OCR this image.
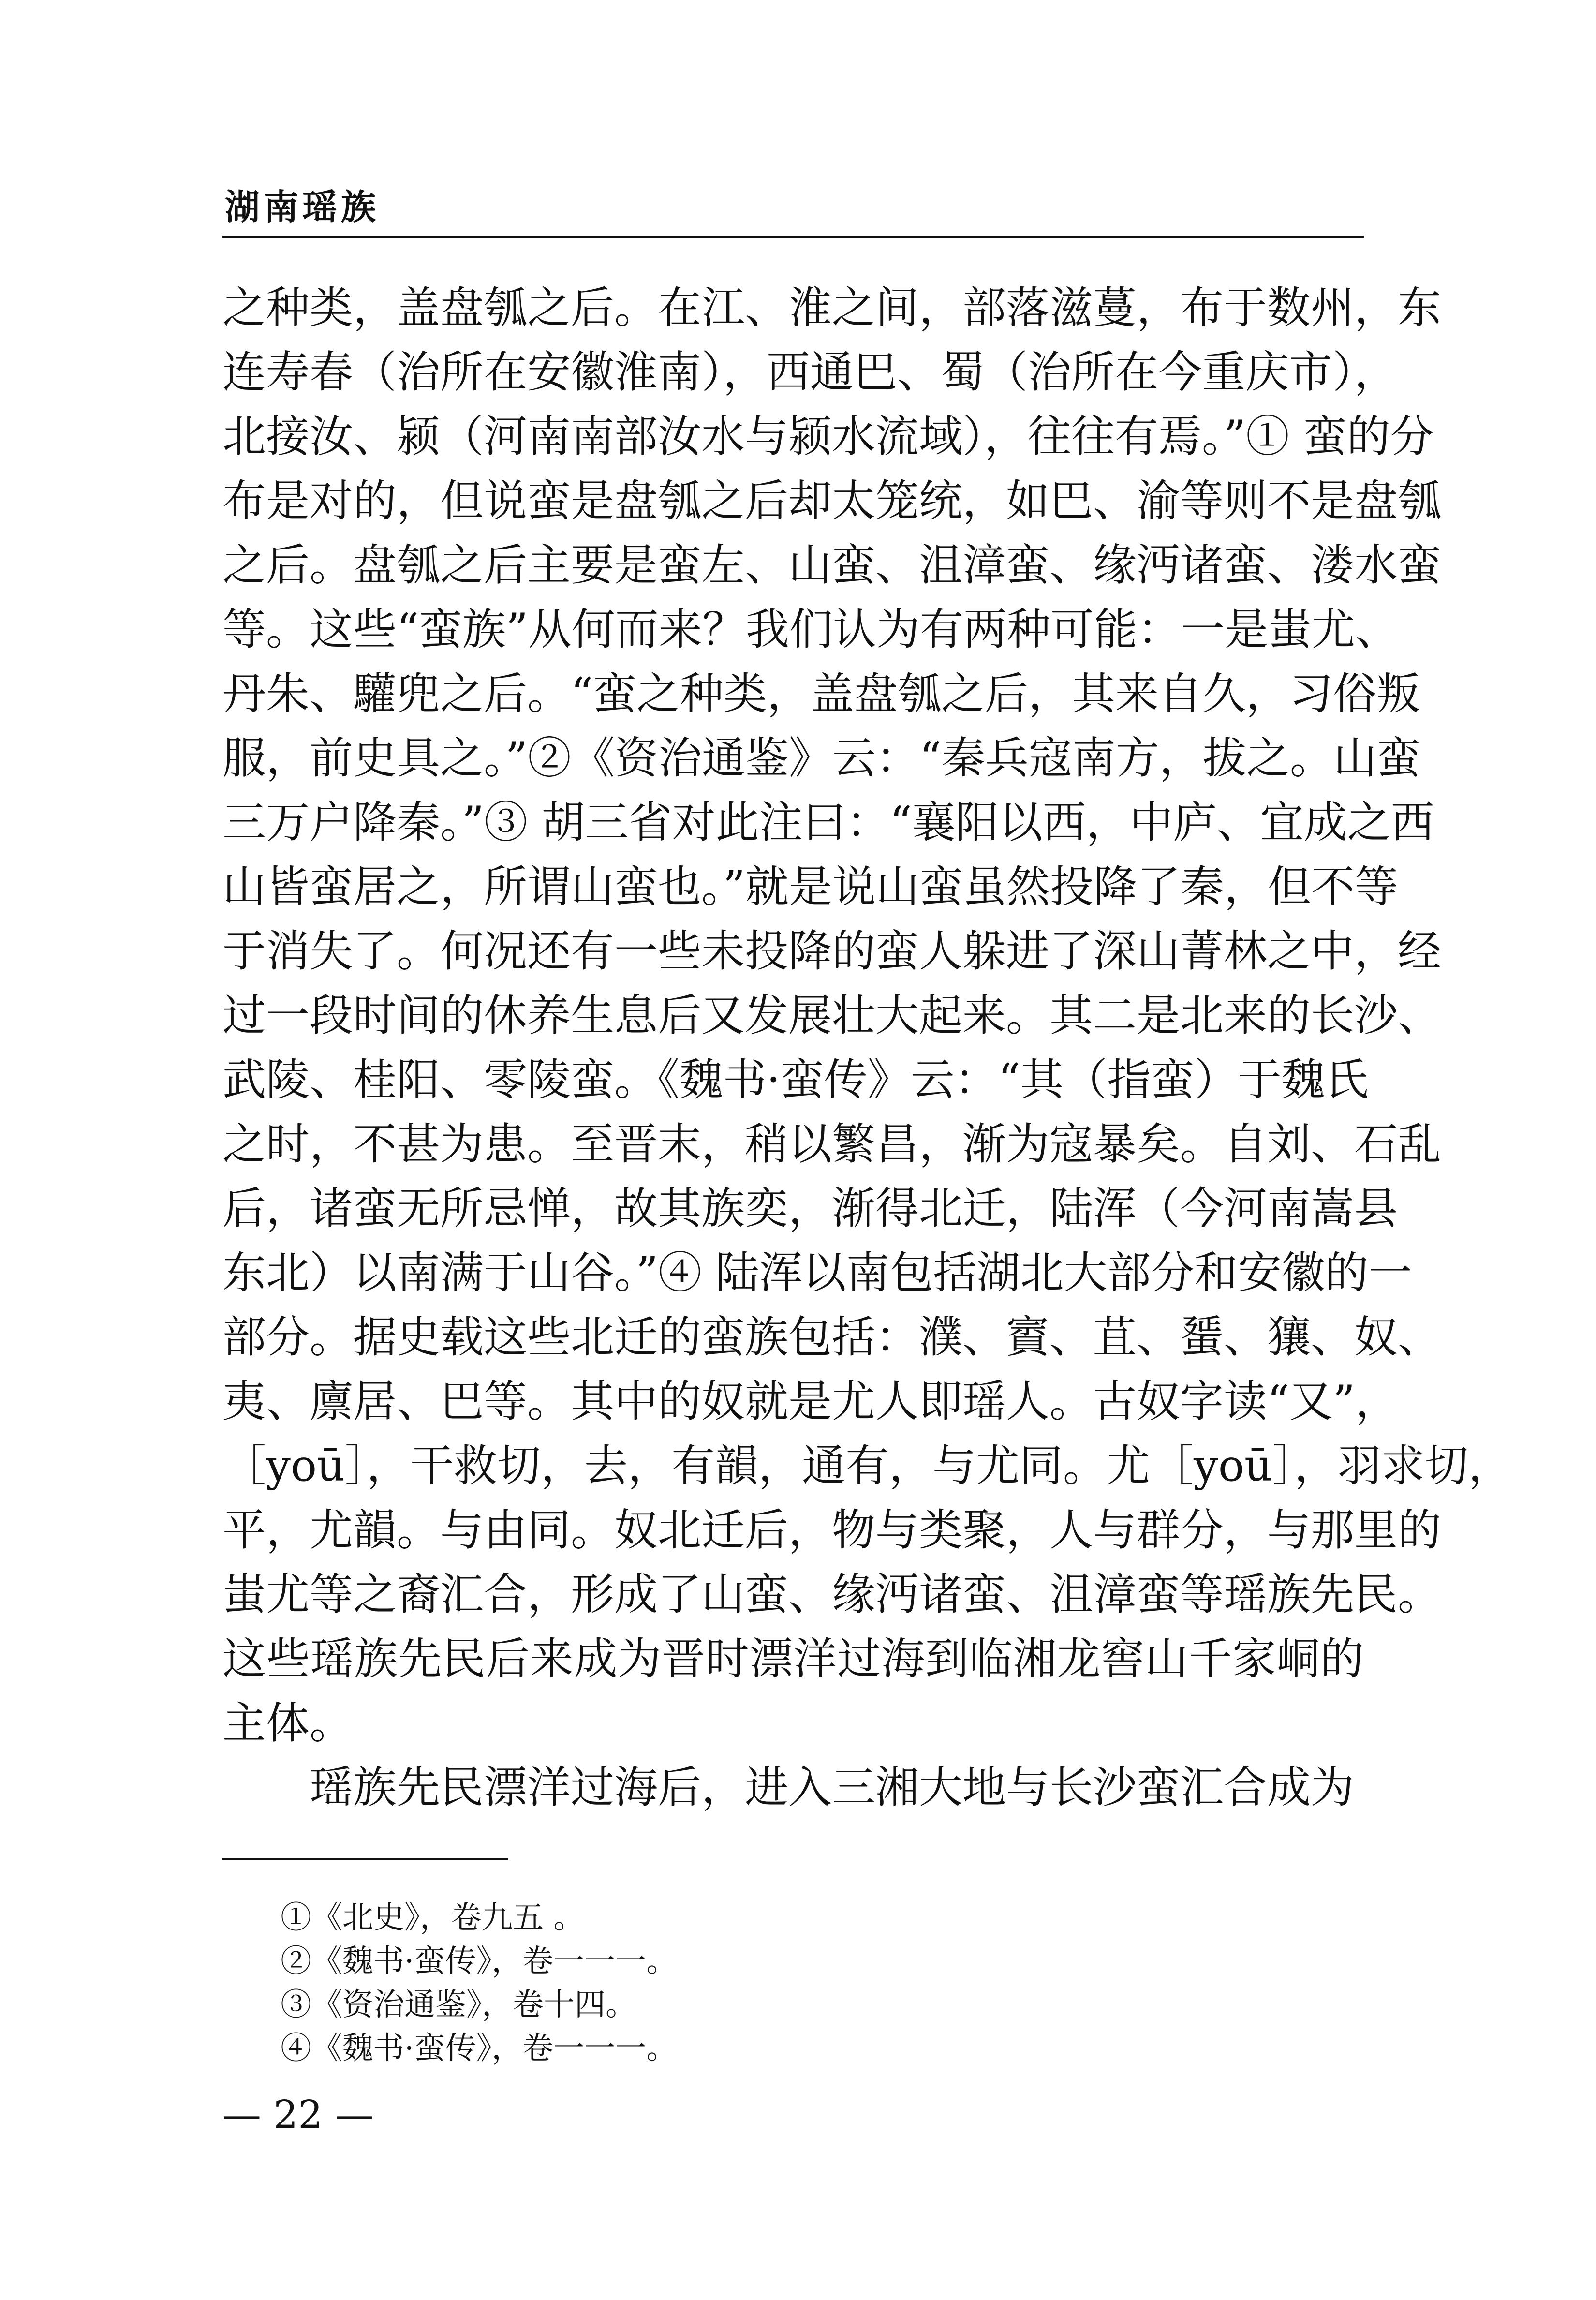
湖南瑶族
之种类，盖盘瓠之后。在江、淮之间，部落滋蔓，布于数州，东
连寿春（治所在安徽淮南），西通巴、蜀（治所在今重庆市），
北接汝、颍（河南南部汝水与颍水流域），往往有焉。”① 蛮的分
布是对的，但说蛮是盘瓠之后却太笼统，如巴、渝等则不是盘瓠
之后。盘瓠之后主要是蛮左、山蛮、沮漳蛮、缘沔诸蛮、溇水蛮
等。这些“蛮族”从何而来？我们认为有两种可能：一是蚩尤、
丹朱、驩兜之后。“蛮之种类，盖盘瓠之后，其来自久，习俗叛
服，前史具之。”②《资治通鉴》云：“秦兵寇南方，拔之。山蛮
三万户降秦。”③ 胡三省对此注曰：“襄阳以西，中庐、宜成之西
山皆蛮居之，所谓山蛮也。”就是说山蛮虽然投降了秦，但不等
于消失了。何况还有一些未投降的蛮人躲进了深山菁林之中，经
过一段时间的休养生息后又发展壮大起来。其二是北来的长沙、
武陵、桂阳、零陵蛮。《魏书·蛮传》云：“其（指蛮）于魏氏
之时，不甚为患。至晋末，稍以繁昌，渐为寇暴矣。自刘、石乱
后，诸蛮无所忌惮，故其族奕，渐得北迁，陆浑（今河南嵩县
东北）以南满于山谷。”④ 陆浑以南包括湖北大部分和安徽的一
部分。据史载这些北迁的蛮族包括：濮、賨、苴、蜑、獽、奴、
夷、廪居、巴等。其中的奴就是尤人即瑶人。古奴字读“又”，
［yoū］，干救切，去，有韻，通有，与尤同。尤［yoū］，羽求切，
平，尤韻。与由同。奴北迁后，物与类聚，人与群分，与那里的
蚩尤等之裔汇合，形成了山蛮、缘沔诸蛮、沮漳蛮等瑶族先民。
这些瑶族先民后来成为晋时漂洋过海到临湘龙窖山千家峒的
主体。
瑶族先民漂洋过海后，进入三湘大地与长沙蛮汇合成为
①《北史》，卷九五 。
②《魏书·蛮传》，卷一一一。
③《资治通鉴》，卷十四。
④《魏书·蛮传》，卷一一一。
— 22 —
